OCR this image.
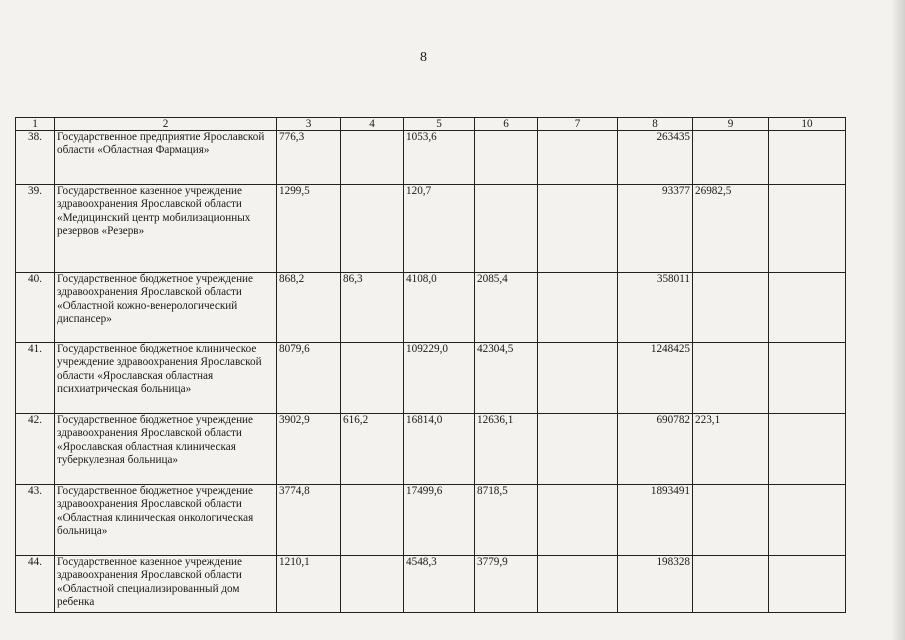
8
1	2	3	4	5	6	7	8	9	10
38.	Государственное предприятие Ярославской области «Областная Фармация»	776,3		1053,6			263435		
39.	Государственное казенное учреждение здравоохранения Ярославской области «Медицинский центр мобилизационных резервов «Резерв»	1299,5		120,7			93377	26982,5	
40.	Государственное бюджетное учреждение здравоохранения Ярославской области «Областной кожно-венерологический диспансер»	868,2	86,3	4108,0	2085,4		358011		
41.	Государственное бюджетное клиническое учреждение здравоохранения Ярославской области «Ярославская областная психиатрическая больница»	8079,6		109229,0	42304,5		1248425		
42.	Государственное бюджетное учреждение здравоохранения Ярославской области «Ярославская областная клиническая туберкулезная больница»	3902,9	616,2	16814,0	12636,1		690782	223,1	
43.	Государственное бюджетное учреждение здравоохранения Ярославской области «Областная клиническая онкологическая больница»	3774,8		17499,6	8718,5		1893491		
44.	Государственное казенное учреждение здравоохранения Ярославской области «Областной специализированный дом ребенка	1210,1		4548,3	3779,9		198328		
